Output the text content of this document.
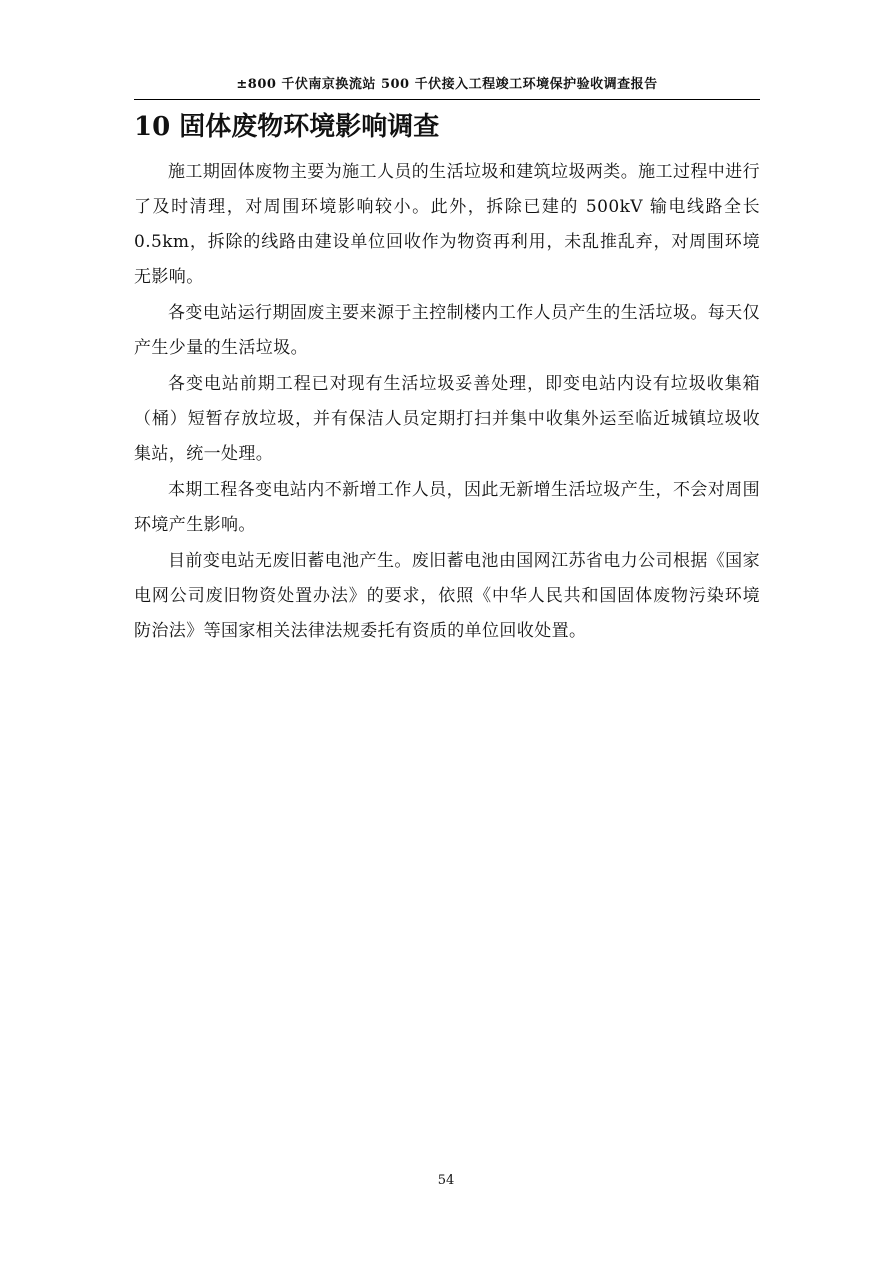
±800 千伏南京换流站 500 千伏接入工程竣工环境保护验收调查报告
10 固体废物环境影响调查

施工期固体废物主要为施工人员的生活垃圾和建筑垃圾两类。施工过程中进行了及时清理，对周围环境影响较小。此外，拆除已建的 500kV 输电线路全长 0.5km，拆除的线路由建设单位回收作为物资再利用，未乱推乱弃，对周围环境无影响。

各变电站运行期固废主要来源于主控制楼内工作人员产生的生活垃圾。每天仅产生少量的生活垃圾。

各变电站前期工程已对现有生活垃圾妥善处理，即变电站内设有垃圾收集箱（桶）短暂存放垃圾，并有保洁人员定期打扫并集中收集外运至临近城镇垃圾收集站，统一处理。

本期工程各变电站内不新增工作人员，因此无新增生活垃圾产生，不会对周围环境产生影响。

目前变电站无废旧蓄电池产生。废旧蓄电池由国网江苏省电力公司根据《国家电网公司废旧物资处置办法》的要求，依照《中华人民共和国固体废物污染环境防治法》等国家相关法律法规委托有资质的单位回收处置。

54
